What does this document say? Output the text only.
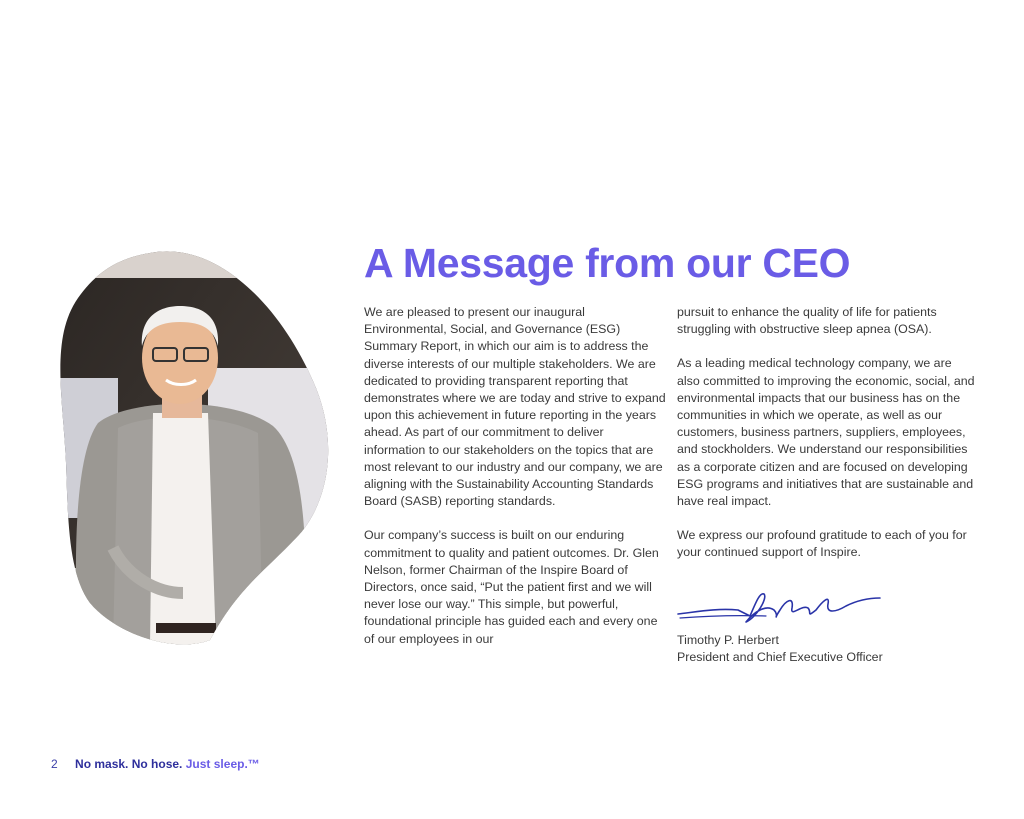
A Message from our CEO

We are pleased to present our inaugural Environmental, Social, and Governance (ESG) Summary Report, in which our aim is to address the diverse interests of our multiple stakeholders. We are dedicated to providing transparent reporting that demonstrates where we are today and strive to expand upon this achievement in future reporting in the years ahead. As part of our commitment to deliver information to our stakeholders on the topics that are most relevant to our industry and our company, we are aligning with the Sustainability Accounting Standards Board (SASB) reporting standards.

Our company’s success is built on our enduring commitment to quality and patient outcomes. Dr. Glen Nelson, former Chairman of the Inspire Board of Directors, once said, “Put the patient first and we will never lose our way.” This simple, but powerful, foundational principle has guided each and every one of our employees in our

pursuit to enhance the quality of life for patients struggling with obstructive sleep apnea (OSA).

As a leading medical technology company, we are also committed to improving the economic, social, and environmental impacts that our business has on the communities in which we operate, as well as our customers, business partners, suppliers, employees, and stockholders. We understand our responsibilities as a corporate citizen and are focused on developing ESG programs and initiatives that are sustainable and have real impact.

We express our profound gratitude to each of you for your continued support of Inspire.

Timothy P. Herbert
President and Chief Executive Officer
2 No mask. No hose. Just sleep.™
